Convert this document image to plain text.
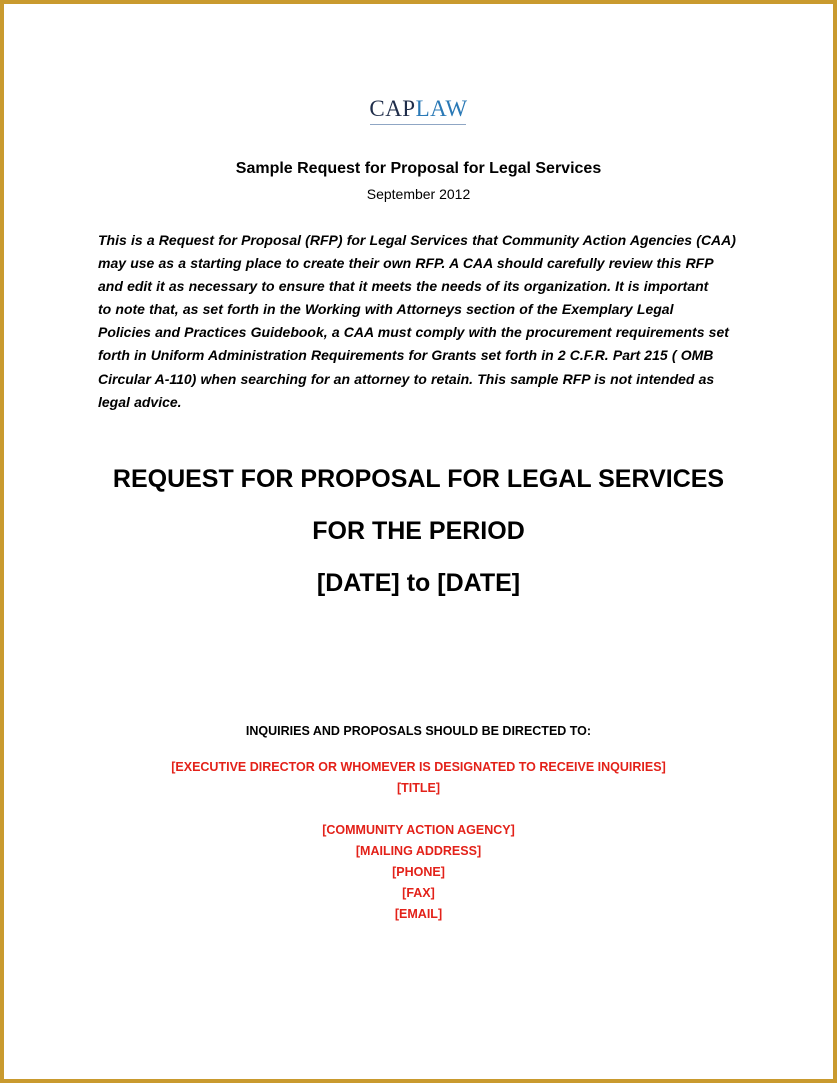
CAPLAW
Sample Request for Proposal for Legal Services
September 2012

This is a Request for Proposal (RFP) for Legal Services that Community Action Agencies (CAA)

may use as a starting place to create their own RFP. A CAA should carefully review this RFP

and edit it as necessary to ensure that it meets the needs of its organization. It is important

to note that, as set forth in the Working with Attorneys section of the Exemplary Legal

Policies and Practices Guidebook, a CAA must comply with the procurement requirements set

forth in Uniform Administration Requirements for Grants set forth in 2 C.F.R. Part 215 ( OMB

Circular A-110) when searching for an attorney to retain. This sample RFP is not intended as

legal advice.

REQUEST FOR PROPOSAL FOR LEGAL SERVICES
FOR THE PERIOD
[DATE] to [DATE]
INQUIRIES AND PROPOSALS SHOULD BE DIRECTED TO:
[EXECUTIVE DIRECTOR OR WHOMEVER IS DESIGNATED TO RECEIVE INQUIRIES]
[TITLE]
[COMMUNITY ACTION AGENCY]
[MAILING ADDRESS]
[PHONE]
[FAX]
[EMAIL]
